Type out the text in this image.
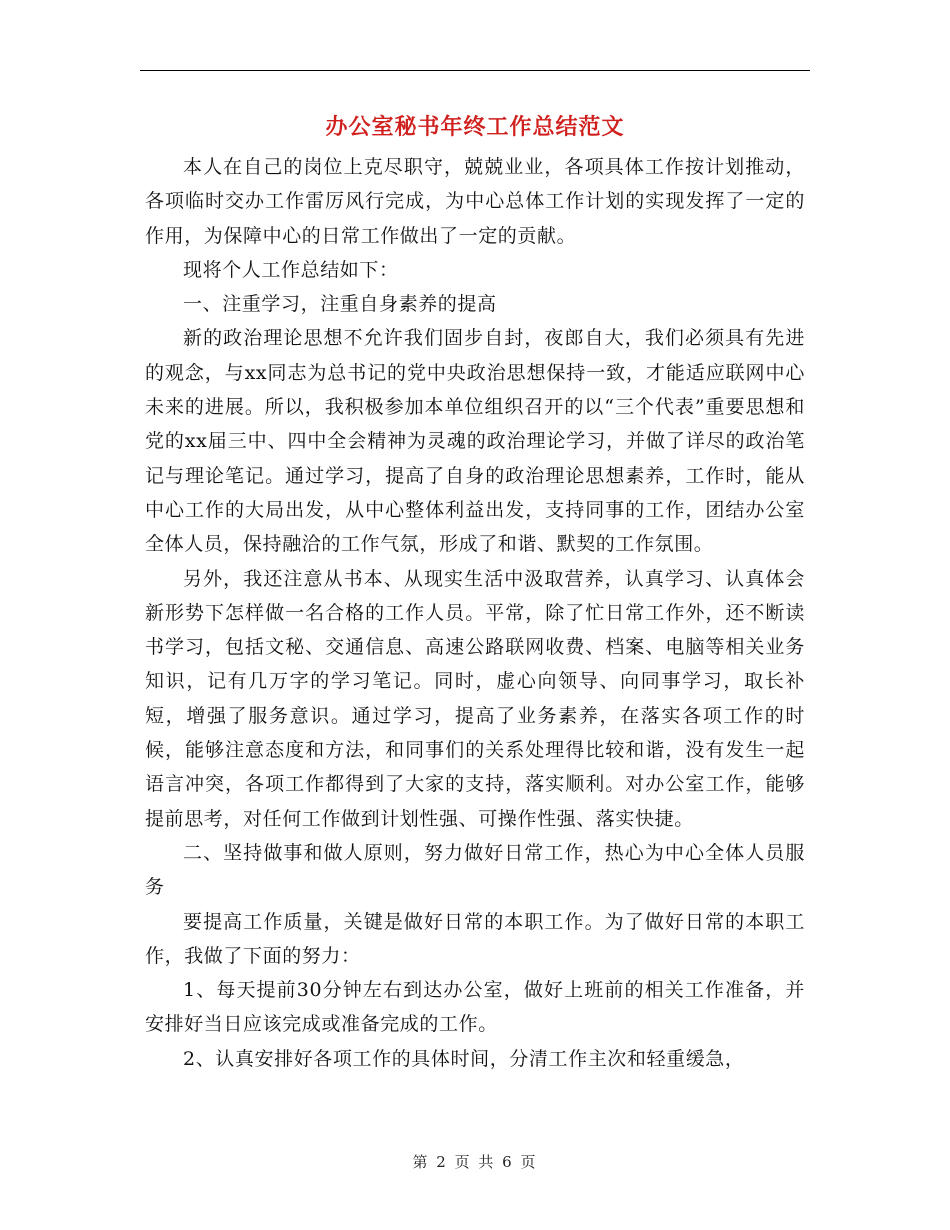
办公室秘书年终工作总结范文

本人在自己的岗位上克尽职守，兢兢业业，各项具体工作按计划推动，各项临时交办工作雷厉风行完成，为中心总体工作计划的实现发挥了一定的作用，为保障中心的日常工作做出了一定的贡献。

现将个人工作总结如下：

一、注重学习，注重自身素养的提高

新的政治理论思想不允许我们固步自封，夜郎自大，我们必须具有先进的观念，与xx同志为总书记的党中央政治思想保持一致，才能适应联网中心未来的进展。所以，我积极参加本单位组织召开的以“三个代表”重要思想和党的xx届三中、四中全会精神为灵魂的政治理论学习，并做了详尽的政治笔记与理论笔记。通过学习，提高了自身的政治理论思想素养，工作时，能从中心工作的大局出发，从中心整体利益出发，支持同事的工作，团结办公室全体人员，保持融洽的工作气氛，形成了和谐、默契的工作氛围。

另外，我还注意从书本、从现实生活中汲取营养，认真学习、认真体会新形势下怎样做一名合格的工作人员。平常，除了忙日常工作外，还不断读书学习，包括文秘、交通信息、高速公路联网收费、档案、电脑等相关业务知识，记有几万字的学习笔记。同时，虚心向领导、向同事学习，取长补短，增强了服务意识。通过学习，提高了业务素养，在落实各项工作的时候，能够注意态度和方法，和同事们的关系处理得比较和谐，没有发生一起语言冲突，各项工作都得到了大家的支持，落实顺利。对办公室工作，能够提前思考，对任何工作做到计划性强、可操作性强、落实快捷。

二、坚持做事和做人原则，努力做好日常工作，热心为中心全体人员服务

要提高工作质量，关键是做好日常的本职工作。为了做好日常的本职工作，我做了下面的努力：

1、每天提前30分钟左右到达办公室，做好上班前的相关工作准备，并安排好当日应该完成或准备完成的工作。

2、认真安排好各项工作的具体时间，分清工作主次和轻重缓急，

第 2 页 共 6 页
